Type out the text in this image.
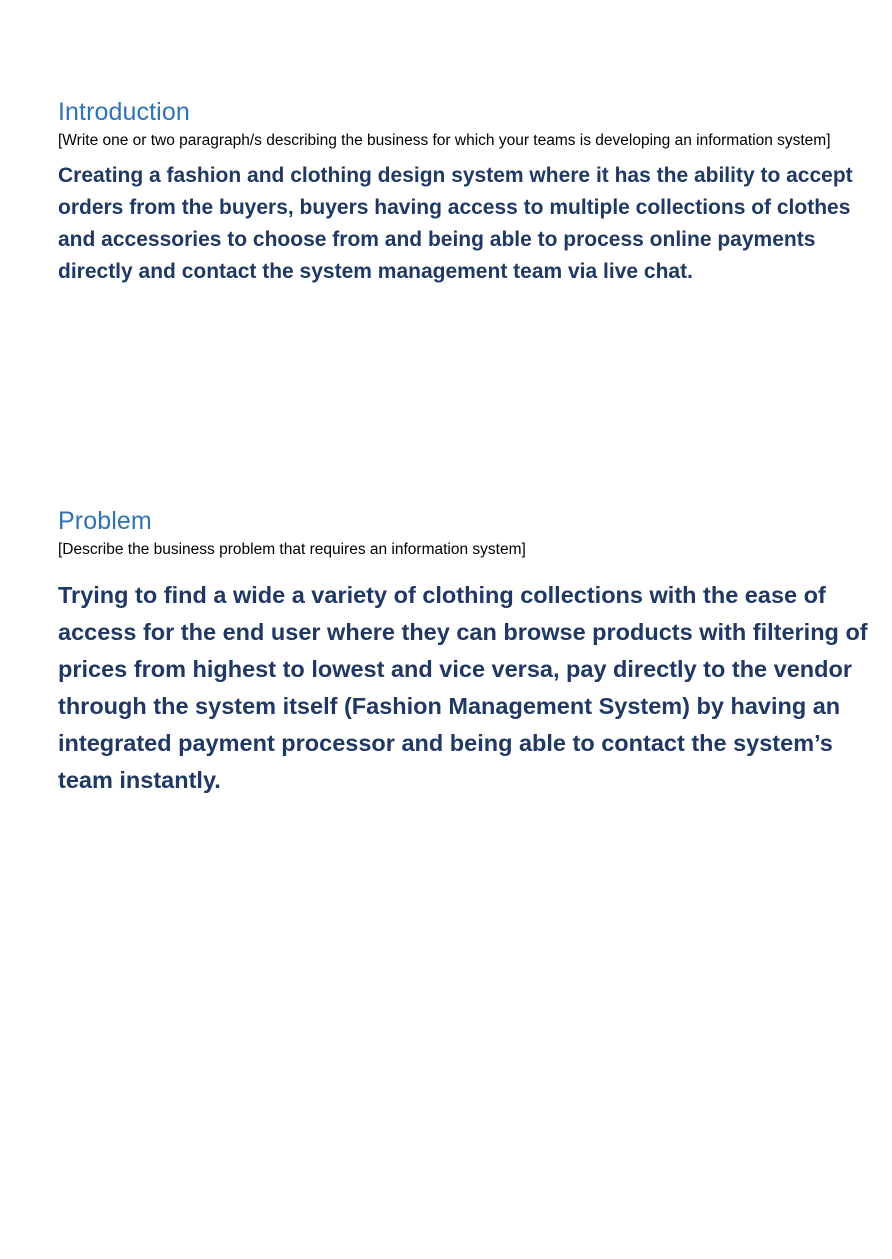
Introduction

[Write one or two paragraph/s describing the business for which your teams is developing an information system]

Creating a fashion and clothing design system where it has the ability to accept orders from the buyers, buyers having access to multiple collections of clothes and accessories to choose from and being able to process online payments directly and contact the system management team via live chat.

Problem

[Describe the business problem that requires an information system]

Trying to find a wide a variety of clothing collections with the ease of access for the end user where they can browse products with filtering of prices from highest to lowest and vice versa, pay directly to the vendor through the system itself (Fashion Management System) by having an integrated payment processor and being able to contact the system’s team instantly.
